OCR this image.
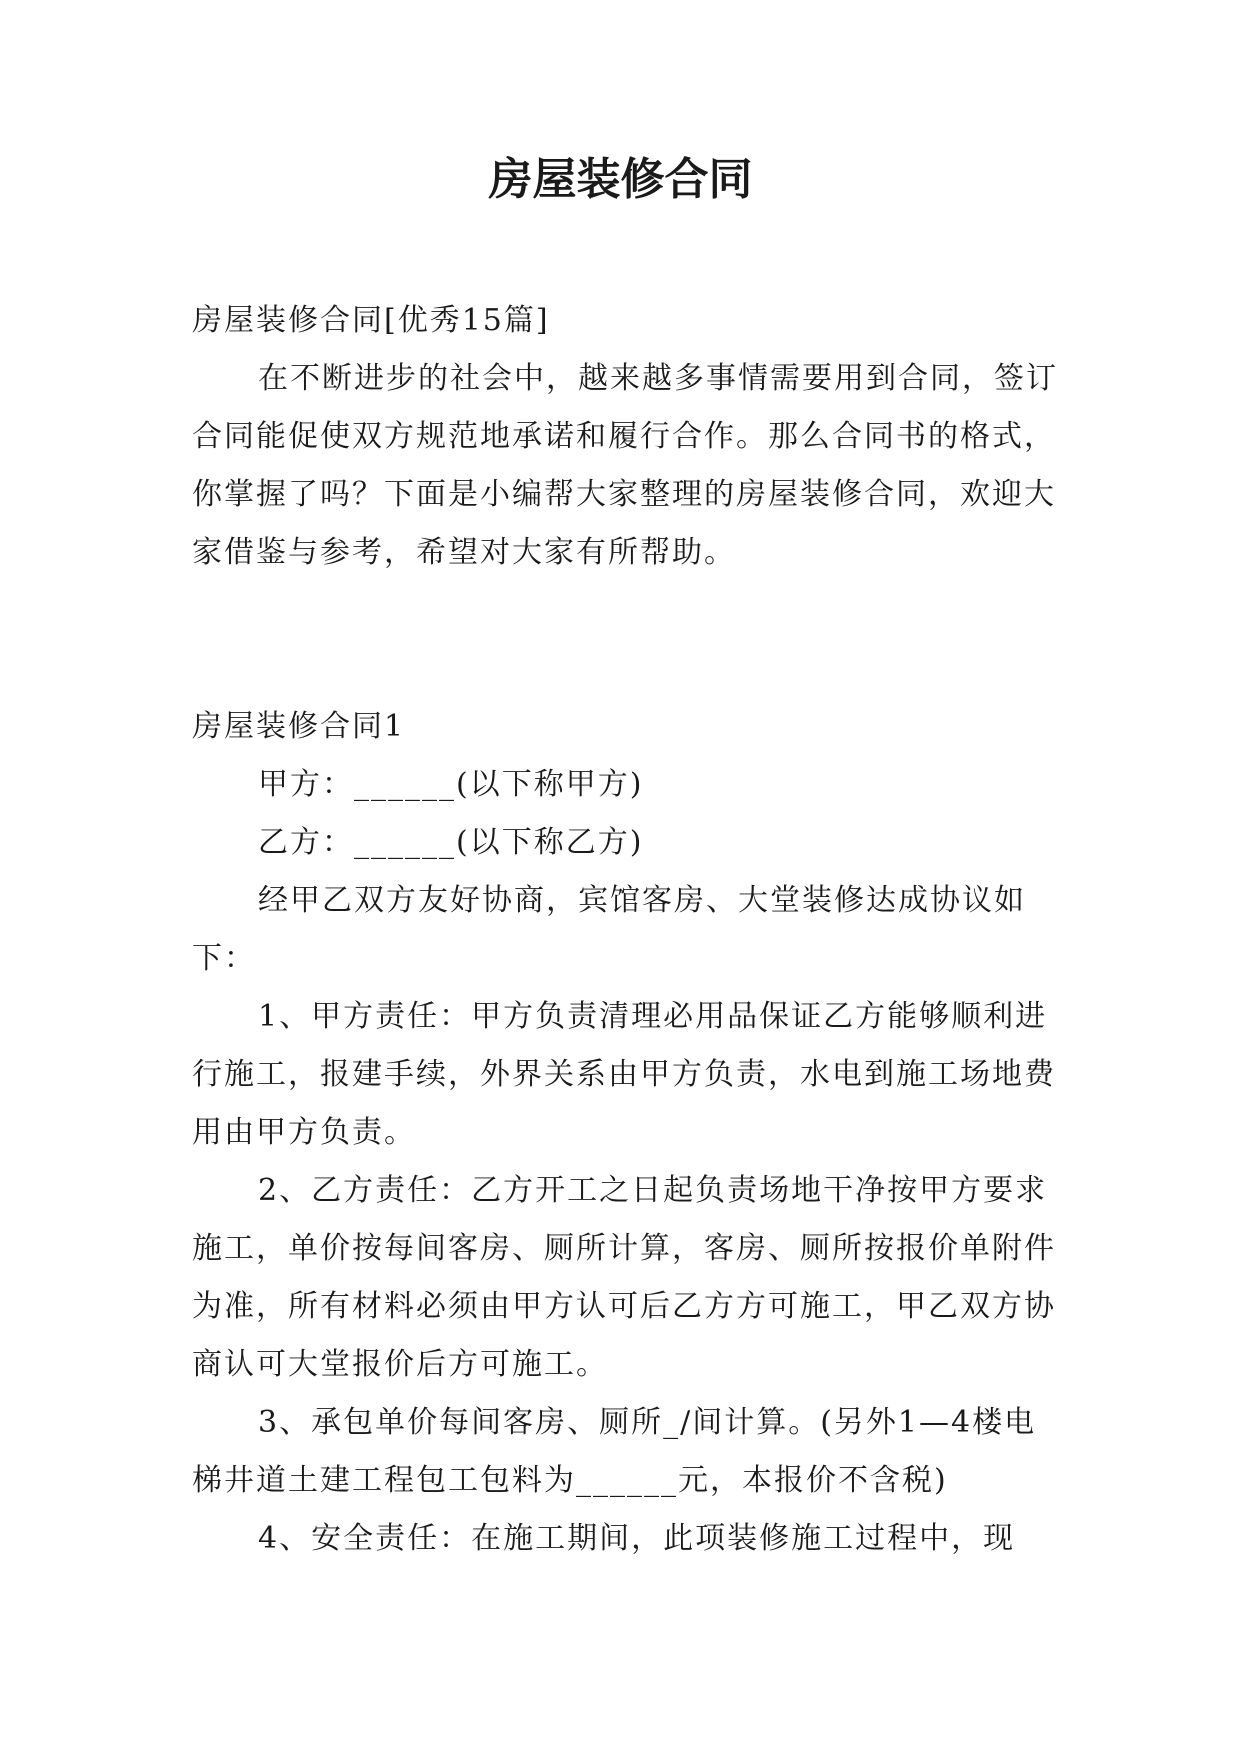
房屋装修合同

房屋装修合同[优秀15篇]

在不断进步的社会中，越来越多事情需要用到合同，签订合同能促使双方规范地承诺和履行合作。那么合同书的格式，你掌握了吗？下面是小编帮大家整理的房屋装修合同，欢迎大家借鉴与参考，希望对大家有所帮助。

房屋装修合同1

甲方：______(以下称甲方)

乙方：______(以下称乙方)

经甲乙双方友好协商，宾馆客房、大堂装修达成协议如下：

1、甲方责任：甲方负责清理必用品保证乙方能够顺利进行施工，报建手续，外界关系由甲方负责，水电到施工场地费用由甲方负责。

2、乙方责任：乙方开工之日起负责场地干净按甲方要求施工，单价按每间客房、厕所计算，客房、厕所按报价单附件为准，所有材料必须由甲方认可后乙方方可施工，甲乙双方协商认可大堂报价后方可施工。

3、承包单价每间客房、厕所_/间计算。(另外1—4楼电梯井道土建工程包工包料为______元，本报价不含税)

4、安全责任：在施工期间，此项装修施工过程中，现
